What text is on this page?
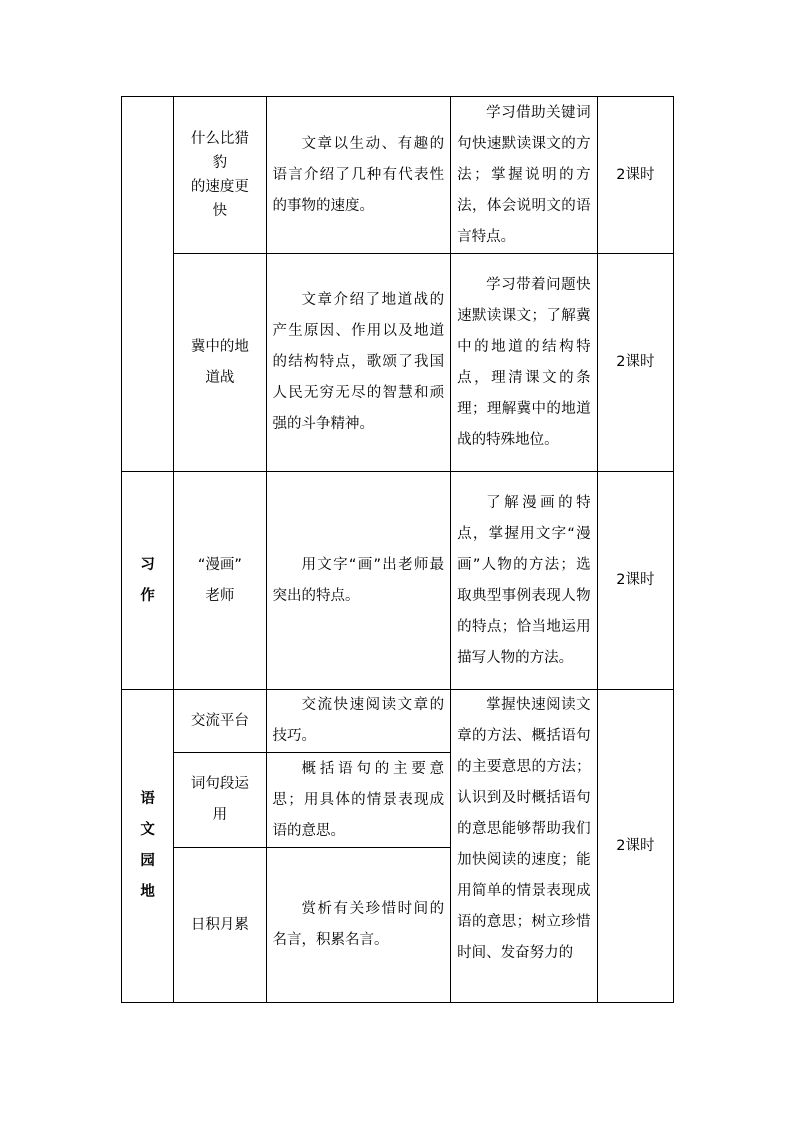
	什么比猎
豹
的速度更
快	文章以生动、有趣的语言介绍了几种有代表性的事物的速度。	学习借助关键词句快速默读课文的方法；掌握说明的方法，体会说明文的语言特点。	2课时

	冀中的地
道战	文章介绍了地道战的产生原因、作用以及地道的结构特点，歌颂了我国人民无穷无尽的智慧和顽强的斗争精神。	学习带着问题快速默读课文；了解冀中的地道的结构特点，理清课文的条理；理解冀中的地道战的特殊地位。	2课时

习
作	“漫画”
老师	用文字“画”出老师最突出的特点。	了解漫画的特点，掌握用文字“漫画”人物的方法；选取典型事例表现人物的特点；恰当地运用描写人物的方法。	2课时

语
文
园
地	交流平台	交流快速阅读文章的技巧。	掌握快速阅读文章的方法、概括语句的主要意思的方法；认识到及时概括语句的意思能够帮助我们加快阅读的速度；能用简单的情景表现成语的意思；树立珍惜时间、发奋努力的	2课时

	词句段运
用	概括语句的主要意思；用具体的情景表现成语的意思。		

	日积月累	赏析有关珍惜时间的名言，积累名言。		
